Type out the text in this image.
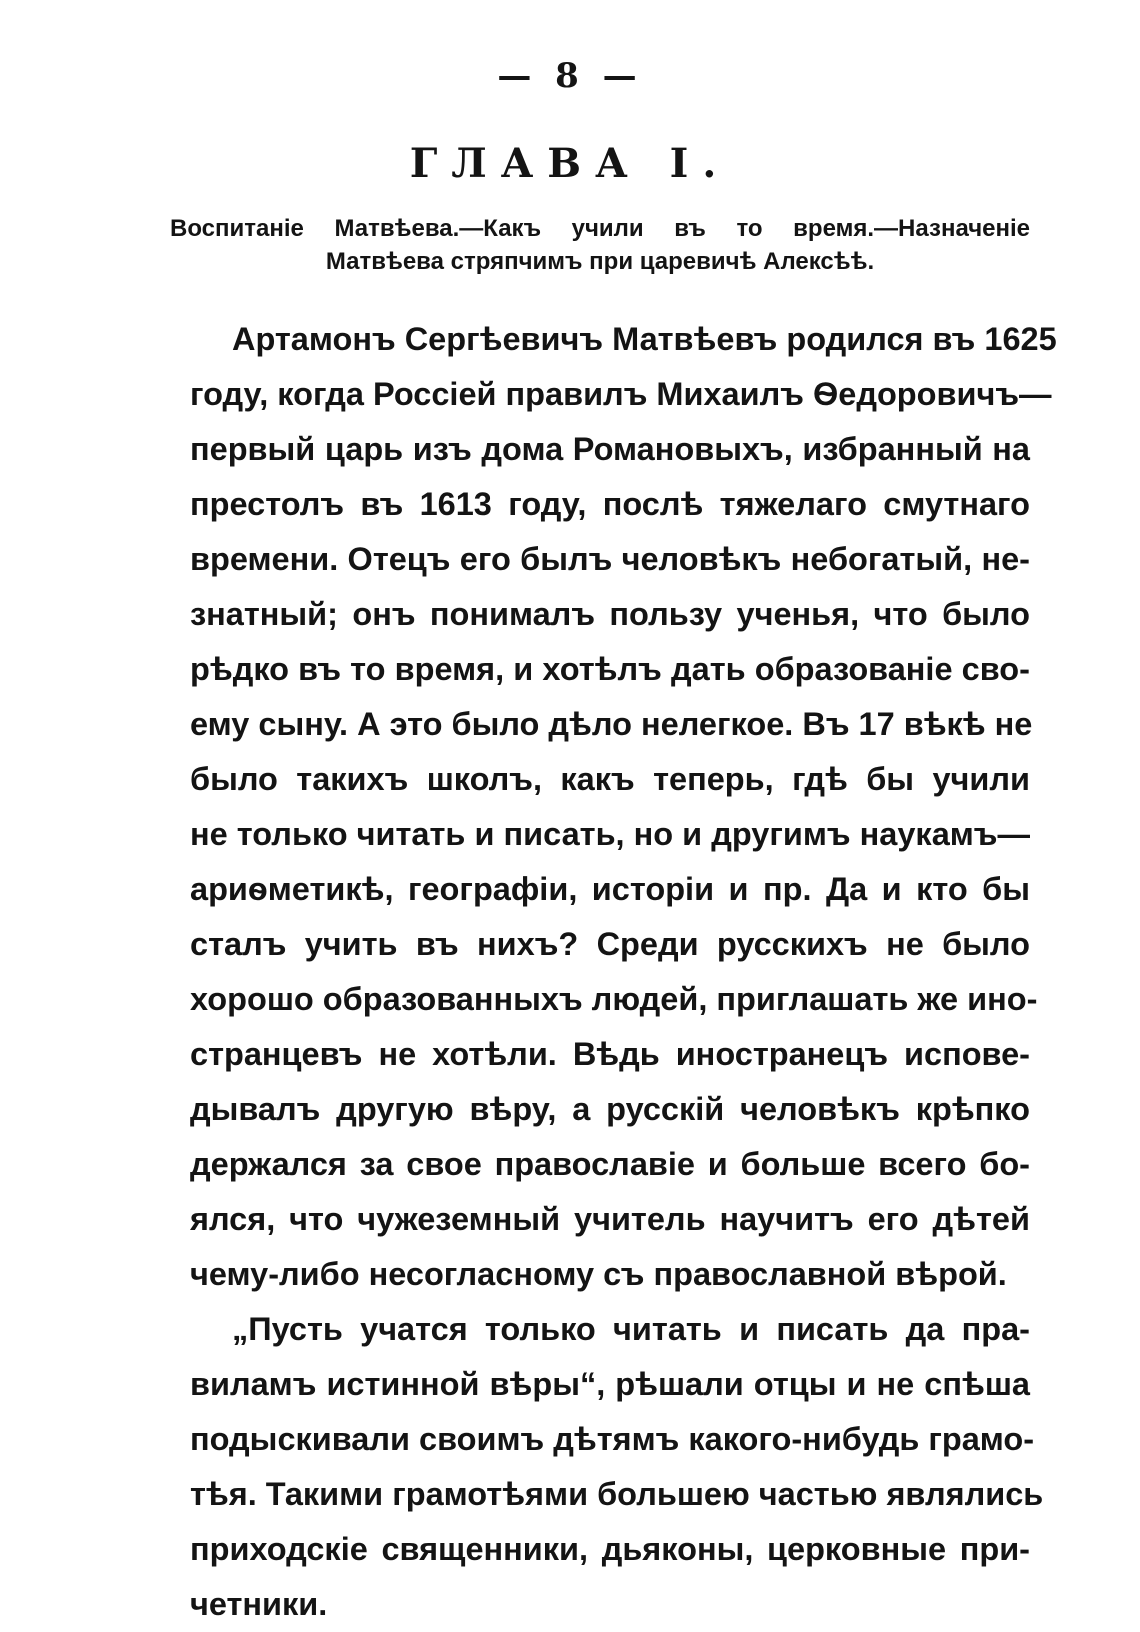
— 8 —
ГЛАВА I.
Воспитаніе Матвѣева.—Какъ учили въ то время.—Назначеніе
Матвѣева стряпчимъ при царевичѣ Алексѣѣ.
Артамонъ Сергѣевичъ Матвѣевъ родился въ 1625
году, когда Россіей правилъ Михаилъ Ѳедоровичъ—
первый царь изъ дома Романовыхъ, избранный на
престолъ въ 1613 году, послѣ тяжелаго смутнаго
времени. Отецъ его былъ человѣкъ небогатый, не-
знатный; онъ понималъ пользу ученья, что было
рѣдко въ то время, и хотѣлъ дать образованіе сво-
ему сыну. А это было дѣло нелегкое. Въ 17 вѣкѣ не
было такихъ школъ, какъ теперь, гдѣ бы учили
не только читать и писать, но и другимъ наукамъ—
ариѳметикѣ, географіи, исторіи и пр. Да и кто бы
сталъ учить въ нихъ? Среди русскихъ не было
хорошо образованныхъ людей, приглашать же ино-
странцевъ не хотѣли. Вѣдь иностранецъ испове-
дывалъ другую вѣру, а русскій человѣкъ крѣпко
держался за свое православіе и больше всего бо-
ялся, что чужеземный учитель научитъ его дѣтей
чему-либо несогласному съ православной вѣрой.
„Пусть учатся только читать и писать да пра-
виламъ истинной вѣры“, рѣшали отцы и не спѣша
подыскивали своимъ дѣтямъ какого-нибудь грамо-
тѣя. Такими грамотѣями большею частью являлись
приходскіе священники, дьяконы, церковные при-
четники.
